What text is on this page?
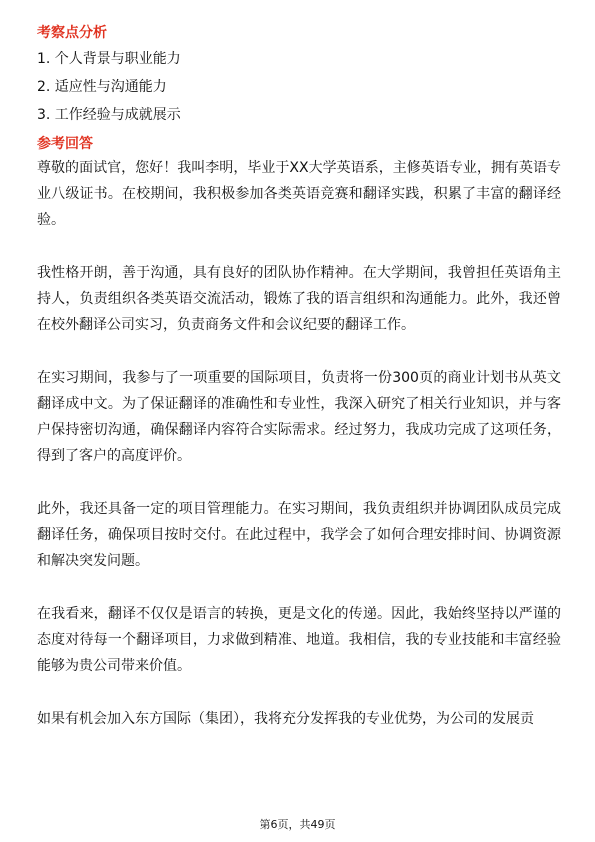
考察点分析
1. 个人背景与职业能力
2. 适应性与沟通能力
3. 工作经验与成就展示
参考回答

尊敬的面试官，您好！我叫李明，毕业于XX大学英语系，主修英语专业，拥有英语专业八级证书。在校期间，我积极参加各类英语竞赛和翻译实践，积累了丰富的翻译经验。

我性格开朗，善于沟通，具有良好的团队协作精神。在大学期间，我曾担任英语角主持人，负责组织各类英语交流活动，锻炼了我的语言组织和沟通能力。此外，我还曾在校外翻译公司实习，负责商务文件和会议纪要的翻译工作。

在实习期间，我参与了一项重要的国际项目，负责将一份300页的商业计划书从英文翻译成中文。为了保证翻译的准确性和专业性，我深入研究了相关行业知识，并与客户保持密切沟通，确保翻译内容符合实际需求。经过努力，我成功完成了这项任务，得到了客户的高度评价。

此外，我还具备一定的项目管理能力。在实习期间，我负责组织并协调团队成员完成翻译任务，确保项目按时交付。在此过程中，我学会了如何合理安排时间、协调资源和解决突发问题。

在我看来，翻译不仅仅是语言的转换，更是文化的传递。因此，我始终坚持以严谨的态度对待每一个翻译项目，力求做到精准、地道。我相信，我的专业技能和丰富经验能够为贵公司带来价值。

如果有机会加入东方国际（集团），我将充分发挥我的专业优势，为公司的发展贡

第6页，共49页
